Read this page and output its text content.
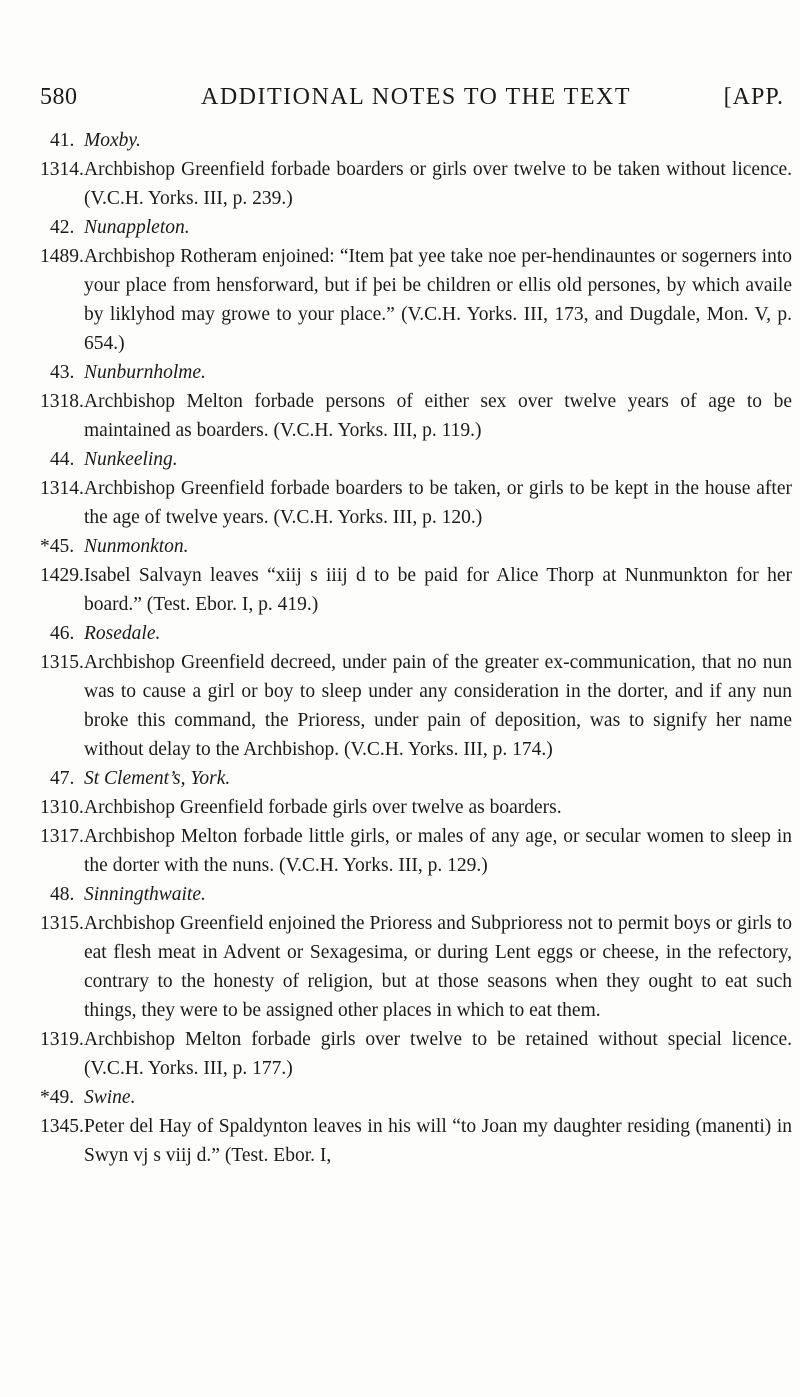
580	ADDITIONAL NOTES TO THE TEXT	[APP.
41. Moxby.
1314. Archbishop Greenfield forbade boarders or girls over twelve to be taken without licence. (V.C.H. Yorks. III, p. 239.)
42. Nunappleton.
1489. Archbishop Rotheram enjoined: “Item þat yee take noe per-hendinauntes or sogerners into your place from hensforward, but if þei be children or ellis old persones, by which availe by liklyhod may growe to your place.” (V.C.H. Yorks. III, 173, and Dugdale, Mon. V, p. 654.)
43. Nunburnholme.
1318. Archbishop Melton forbade persons of either sex over twelve years of age to be maintained as boarders. (V.C.H. Yorks. III, p. 119.)
44. Nunkeeling.
1314. Archbishop Greenfield forbade boarders to be taken, or girls to be kept in the house after the age of twelve years. (V.C.H. Yorks. III, p. 120.)
*45. Nunmonkton.
1429. Isabel Salvayn leaves “xiij s iiij d to be paid for Alice Thorp at Nunmunkton for her board.” (Test. Ebor. I, p. 419.)
46. Rosedale.
1315. Archbishop Greenfield decreed, under pain of the greater ex-communication, that no nun was to cause a girl or boy to sleep under any consideration in the dorter, and if any nun broke this command, the Prioress, under pain of deposition, was to signify her name without delay to the Archbishop. (V.C.H. Yorks. III, p. 174.)
47. St Clement’s, York.
1310. Archbishop Greenfield forbade girls over twelve as boarders.
1317. Archbishop Melton forbade little girls, or males of any age, or secular women to sleep in the dorter with the nuns. (V.C.H. Yorks. III, p. 129.)
48. Sinningthwaite.
1315. Archbishop Greenfield enjoined the Prioress and Subprioress not to permit boys or girls to eat flesh meat in Advent or Sexagesima, or during Lent eggs or cheese, in the refectory, contrary to the honesty of religion, but at those seasons when they ought to eat such things, they were to be assigned other places in which to eat them.
1319. Archbishop Melton forbade girls over twelve to be retained without special licence. (V.C.H. Yorks. III, p. 177.)
*49. Swine.
1345. Peter del Hay of Spaldynton leaves in his will “to Joan my daughter residing (manenti) in Swyn vj s viij d.” (Test. Ebor. I,
